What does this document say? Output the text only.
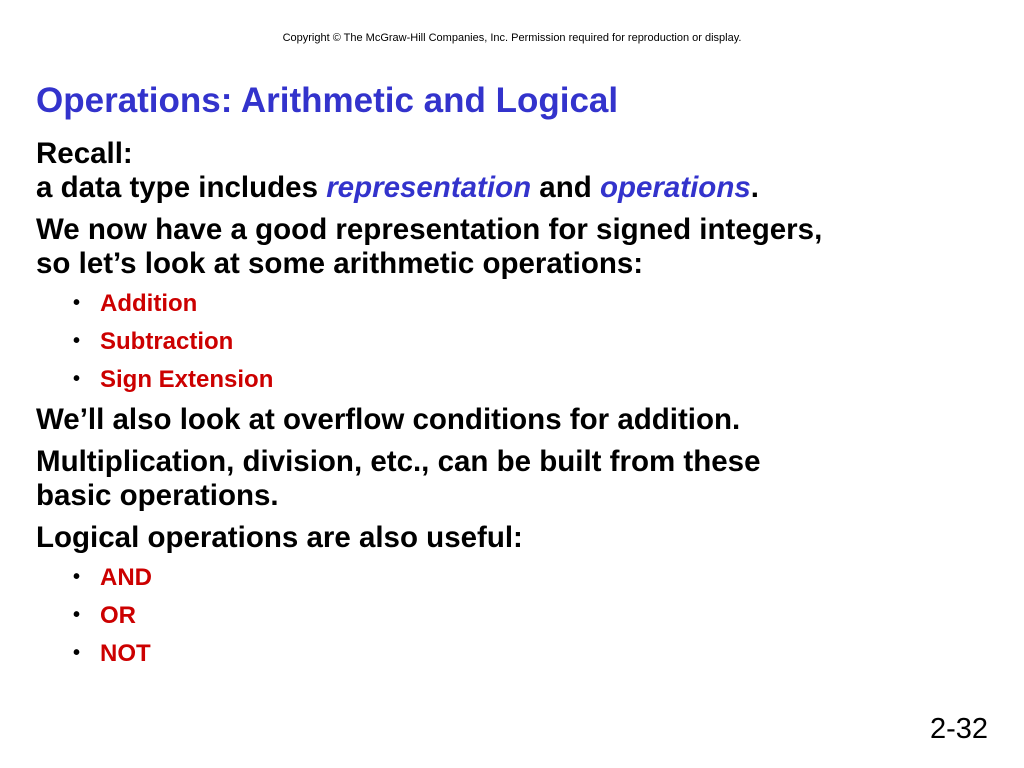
Copyright © The McGraw-Hill Companies, Inc. Permission required for reproduction or display.
Operations: Arithmetic and Logical

Recall:
a data type includes representation and operations.

We now have a good representation for signed integers,
so let’s look at some arithmetic operations:

• Addition
• Subtraction
• Sign Extension

We’ll also look at overflow conditions for addition.

Multiplication, division, etc., can be built from these
basic operations.

Logical operations are also useful:

• AND
• OR
• NOT
2-32
